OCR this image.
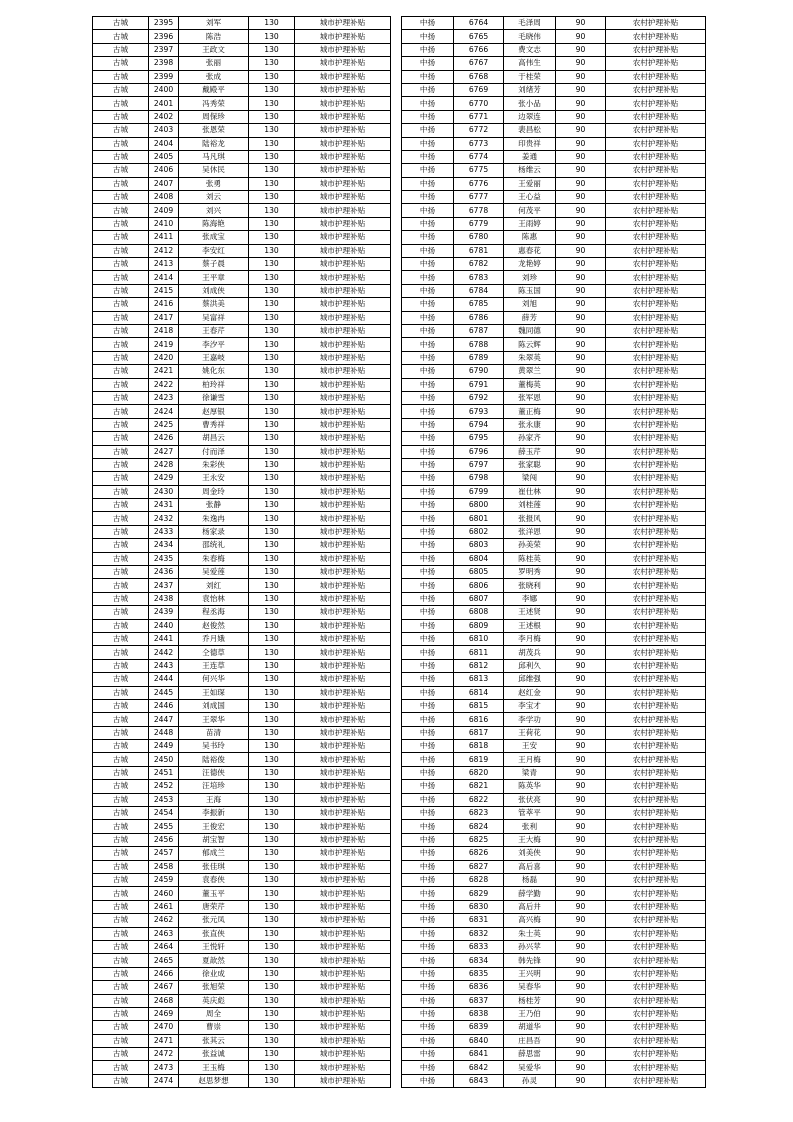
古城	2395	刘军	130	城市护理补贴
古城	2396	陈浩	130	城市护理补贴
古城	2397	王政文	130	城市护理补贴
古城	2398	张丽	130	城市护理补贴
古城	2399	张成	130	城市护理补贴
古城	2400	戴殿平	130	城市护理补贴
古城	2401	冯秀荣	130	城市护理补贴
古城	2402	周保珍	130	城市护理补贴
古城	2403	张恩荣	130	城市护理补贴
古城	2404	陆裕龙	130	城市护理补贴
古城	2405	马凡琪	130	城市护理补贴
古城	2406	吴休民	130	城市护理补贴
古城	2407	张勇	130	城市护理补贴
古城	2408	刘云	130	城市护理补贴
古城	2409	刘兴	130	城市护理补贴
古城	2410	陈海艳	130	城市护理补贴
古城	2411	张成宝	130	城市护理补贴
古城	2412	李安红	130	城市护理补贴
古城	2413	蔡子晨	130	城市护理补贴
古城	2414	王平章	130	城市护理补贴
古城	2415	刘成侠	130	城市护理补贴
古城	2416	蔡洪美	130	城市护理补贴
古城	2417	吴富祥	130	城市护理补贴
古城	2418	王春芹	130	城市护理补贴
古城	2419	李汐平	130	城市护理补贴
古城	2420	王嘉岐	130	城市护理补贴
古城	2421	姚化东	130	城市护理补贴
古城	2422	柏玲祥	130	城市护理补贴
古城	2423	徐谦雪	130	城市护理补贴
古城	2424	赵厚银	130	城市护理补贴
古城	2425	曹秀祥	130	城市护理补贴
古城	2426	胡昌云	130	城市护理补贴
古城	2427	付而泽	130	城市护理补贴
古城	2428	朱彩侠	130	城市护理补贴
古城	2429	王永安	130	城市护理补贴
古城	2430	周金玲	130	城市护理补贴
古城	2431	张静	130	城市护理补贴
古城	2432	朱逸冉	130	城市护理补贴
古城	2433	杨家录	130	城市护理补贴
古城	2434	邵统礼	130	城市护理补贴
古城	2435	朱春梅	130	城市护理补贴
古城	2436	吴爱莲	130	城市护理补贴
古城	2437	刘红	130	城市护理补贴
古城	2438	袁怡林	130	城市护理补贴
古城	2439	程丞海	130	城市护理补贴
古城	2440	赵俊然	130	城市护理补贴
古城	2441	乔月娥	130	城市护理补贴
古城	2442	仝德草	130	城市护理补贴
古城	2443	王连草	130	城市护理补贴
古城	2444	何兴华	130	城市护理补贴
古城	2445	王如琛	130	城市护理补贴
古城	2446	刘成国	130	城市护理补贴
古城	2447	王翠华	130	城市护理补贴
古城	2448	苗清	130	城市护理补贴
古城	2449	吴书玲	130	城市护理补贴
古城	2450	陆裕俊	130	城市护理补贴
古城	2451	汪德侠	130	城市护理补贴
古城	2452	汪培珍	130	城市护理补贴
古城	2453	王海	130	城市护理补贴
古城	2454	李振新	130	城市护理补贴
古城	2455	王俊宏	130	城市护理补贴
古城	2456	胡宝智	130	城市护理补贴
古城	2457	郁成兰	130	城市护理补贴
古城	2458	张佳琪	130	城市护理补贴
古城	2459	袁春侠	130	城市护理补贴
古城	2460	董玉平	130	城市护理补贴
古城	2461	唐荣芹	130	城市护理补贴
古城	2462	张元凤	130	城市护理补贴
古城	2463	张直侠	130	城市护理补贴
古城	2464	王悦轩	130	城市护理补贴
古城	2465	夏歆然	130	城市护理补贴
古城	2466	徐业成	130	城市护理补贴
古城	2467	张旭荣	130	城市护理补贴
古城	2468	英庆彪	130	城市护理补贴
古城	2469	周全	130	城市护理补贴
古城	2470	曹崇	130	城市护理补贴
古城	2471	张其云	130	城市护理补贴
古城	2472	张益诚	130	城市护理补贴
古城	2473	王玉梅	130	城市护理补贴
古城	2474	赵思梦想	130	城市护理补贴
中扬	6764	毛泽周	90	农村护理补贴
中扬	6765	毛晓伟	90	农村护理补贴
中扬	6766	费文志	90	农村护理补贴
中扬	6767	高伟生	90	农村护理补贴
中扬	6768	于桂荣	90	农村护理补贴
中扬	6769	刘绪芳	90	农村护理补贴
中扬	6770	张小品	90	农村护理补贴
中扬	6771	边翠连	90	农村护理补贴
中扬	6772	裴昌松	90	农村护理补贴
中扬	6773	印贵祥	90	农村护理补贴
中扬	6774	姜通	90	农村护理补贴
中扬	6775	杨维云	90	农村护理补贴
中扬	6776	王爱丽	90	农村护理补贴
中扬	6777	王心益	90	农村护理补贴
中扬	6778	何茂平	90	农村护理补贴
中扬	6779	王雨婷	90	农村护理补贴
中扬	6780	陈惠	90	农村护理补贴
中扬	6781	惠春花	90	农村护理补贴
中扬	6782	龙艳婷	90	农村护理补贴
中扬	6783	刘珍	90	农村护理补贴
中扬	6784	陈玉国	90	农村护理补贴
中扬	6785	刘旭	90	农村护理补贴
中扬	6786	薛芳	90	农村护理补贴
中扬	6787	魏同德	90	农村护理补贴
中扬	6788	陈云辉	90	农村护理补贴
中扬	6789	朱翠英	90	农村护理补贴
中扬	6790	黄翠兰	90	农村护理补贴
中扬	6791	董梅英	90	农村护理补贴
中扬	6792	张军恩	90	农村护理补贴
中扬	6793	董正梅	90	农村护理补贴
中扬	6794	张永康	90	农村护理补贴
中扬	6795	孙家齐	90	农村护理补贴
中扬	6796	薛玉芹	90	农村护理补贴
中扬	6797	张家聪	90	农村护理补贴
中扬	6798	梁闯	90	农村护理补贴
中扬	6799	崔仕林	90	农村护理补贴
中扬	6800	刘桂莲	90	农村护理补贴
中扬	6801	张报风	90	农村护理补贴
中扬	6802	张洋恩	90	农村护理补贴
中扬	6803	孙美荣	90	农村护理补贴
中扬	6804	陈桂英	90	农村护理补贴
中扬	6805	罗明秀	90	农村护理补贴
中扬	6806	张晓利	90	农村护理补贴
中扬	6807	李娜	90	农村护理补贴
中扬	6808	王述贤	90	农村护理补贴
中扬	6809	王述根	90	农村护理补贴
中扬	6810	李月梅	90	农村护理补贴
中扬	6811	胡茂兵	90	农村护理补贴
中扬	6812	邱利久	90	农村护理补贴
中扬	6813	邱维强	90	农村护理补贴
中扬	6814	赵红金	90	农村护理补贴
中扬	6815	李宝才	90	农村护理补贴
中扬	6816	李学功	90	农村护理补贴
中扬	6817	王荷花	90	农村护理补贴
中扬	6818	王安	90	农村护理补贴
中扬	6819	王月梅	90	农村护理补贴
中扬	6820	梁青	90	农村护理补贴
中扬	6821	陈英华	90	农村护理补贴
中扬	6822	张伏亮	90	农村护理补贴
中扬	6823	管萃平	90	农村护理补贴
中扬	6824	张利	90	农村护理补贴
中扬	6825	王大梅	90	农村护理补贴
中扬	6826	刘美侠	90	农村护理补贴
中扬	6827	高后喜	90	农村护理补贴
中扬	6828	杨磊	90	农村护理补贴
中扬	6829	薛学勤	90	农村护理补贴
中扬	6830	高后井	90	农村护理补贴
中扬	6831	高兴梅	90	农村护理补贴
中扬	6832	朱士英	90	农村护理补贴
中扬	6833	孙兴苹	90	农村护理补贴
中扬	6834	韩先锋	90	农村护理补贴
中扬	6835	王兴明	90	农村护理补贴
中扬	6836	吴春华	90	农村护理补贴
中扬	6837	杨桂芳	90	农村护理补贴
中扬	6838	王乃伯	90	农村护理补贴
中扬	6839	胡道华	90	农村护理补贴
中扬	6840	庄昌吾	90	农村护理补贴
中扬	6841	薛思雷	90	农村护理补贴
中扬	6842	吴爱华	90	农村护理补贴
中扬	6843	孙灵	90	农村护理补贴
